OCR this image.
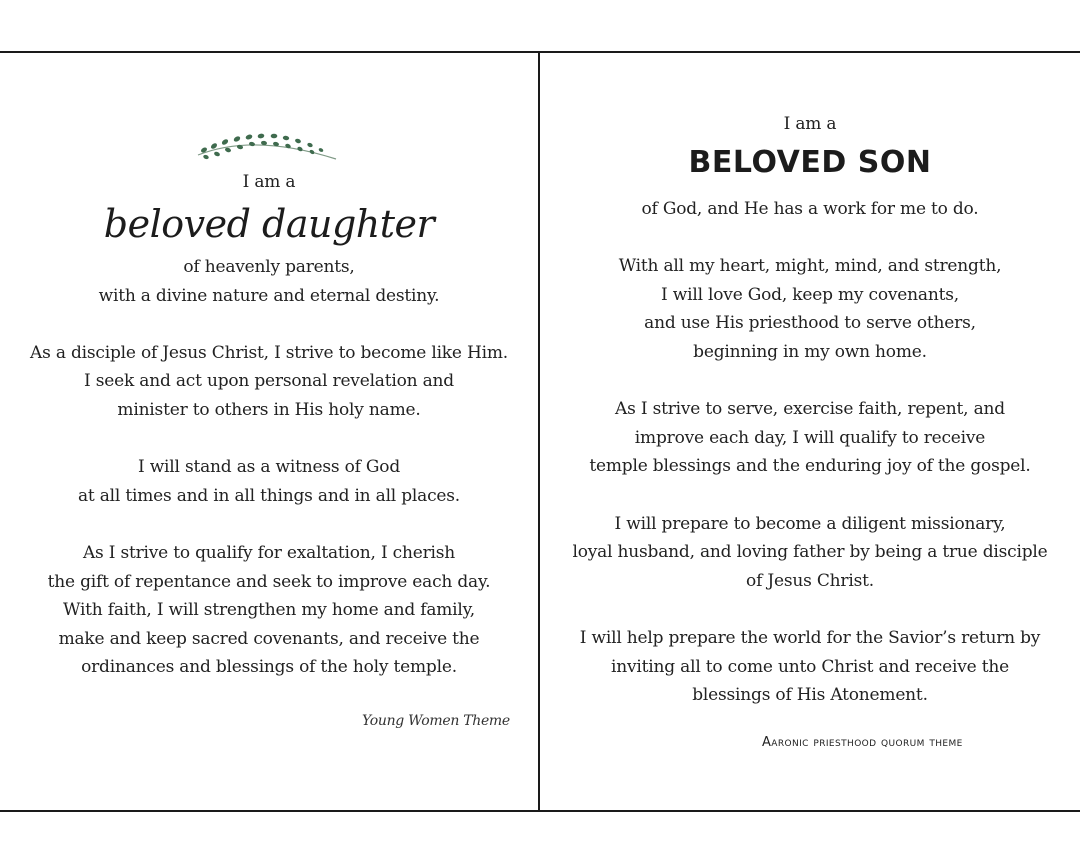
I am a
beloved daughter

of heavenly parents,
with a divine nature and eternal destiny.

As a disciple of Jesus Christ, I strive to become like Him.
I seek and act upon personal revelation and
minister to others in His holy name.

I will stand as a witness of God
at all times and in all things and in all places.

As I strive to qualify for exaltation, I cherish
the gift of repentance and seek to improve each day.
With faith, I will strengthen my home and family,
make and keep sacred covenants, and receive the
ordinances and blessings of the holy temple.

Young Women Theme
I am a
BELOVED SON

of God, and He has a work for me to do.

With all my heart, might, mind, and strength,
I will love God, keep my covenants,
and use His priesthood to serve others,
beginning in my own home.

As I strive to serve, exercise faith, repent, and
improve each day, I will qualify to receive
temple blessings and the enduring joy of the gospel.

I will prepare to become a diligent missionary,
loyal husband, and loving father by being a true disciple
of Jesus Christ.

I will help prepare the world for the Savior’s return by
inviting all to come unto Christ and receive the
blessings of His Atonement.

Aaronic priesthood quorum theme
